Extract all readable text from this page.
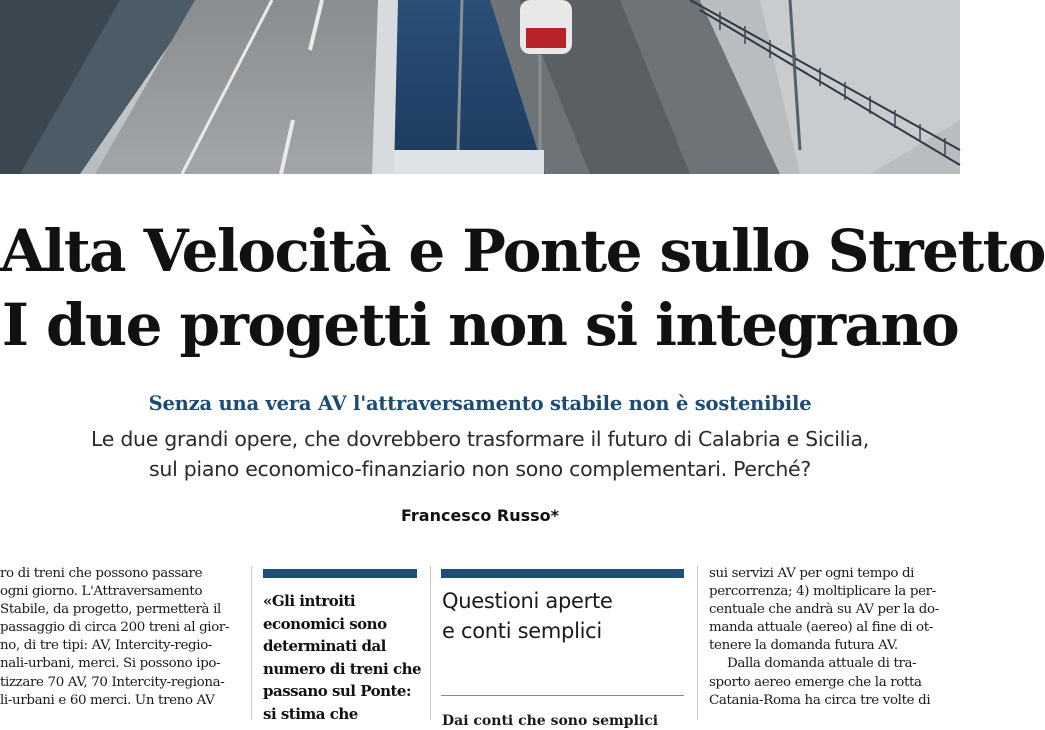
Alta Velocità e Ponte sullo Stretto
I due progetti non si integrano
Senza una vera AV l'attraversamento stabile non è sostenibile
Le due grandi opere, che dovrebbero trasformare il futuro di Calabria e Sicilia,
sul piano economico-finanziario non sono complementari. Perché?
Francesco Russo*

ro di treni che possono passare

ogni giorno. L'Attraversamento

Stabile, da progetto, permetterà il

passaggio di circa 200 treni al gior-

no, di tre tipi: AV, Intercity-regio-

nali-urbani, merci. Si possono ipo-

tizzare 70 AV, 70 Intercity-regiona-

li-urbani e 60 merci. Un treno AV

«Gli introiti

economici sono

determinati dal

numero di treni che

passano sul Ponte:

si stima che

Questioni aperte

e conti semplici

Dai conti che sono semplici

sui servizi AV per ogni tempo di

percorrenza; 4) moltiplicare la per-

centuale che andrà su AV per la do-

manda attuale (aereo) al fine di ot-

tenere la domanda futura AV.

Dalla domanda attuale di tra-

sporto aereo emerge che la rotta

Catania-Roma ha circa tre volte di
